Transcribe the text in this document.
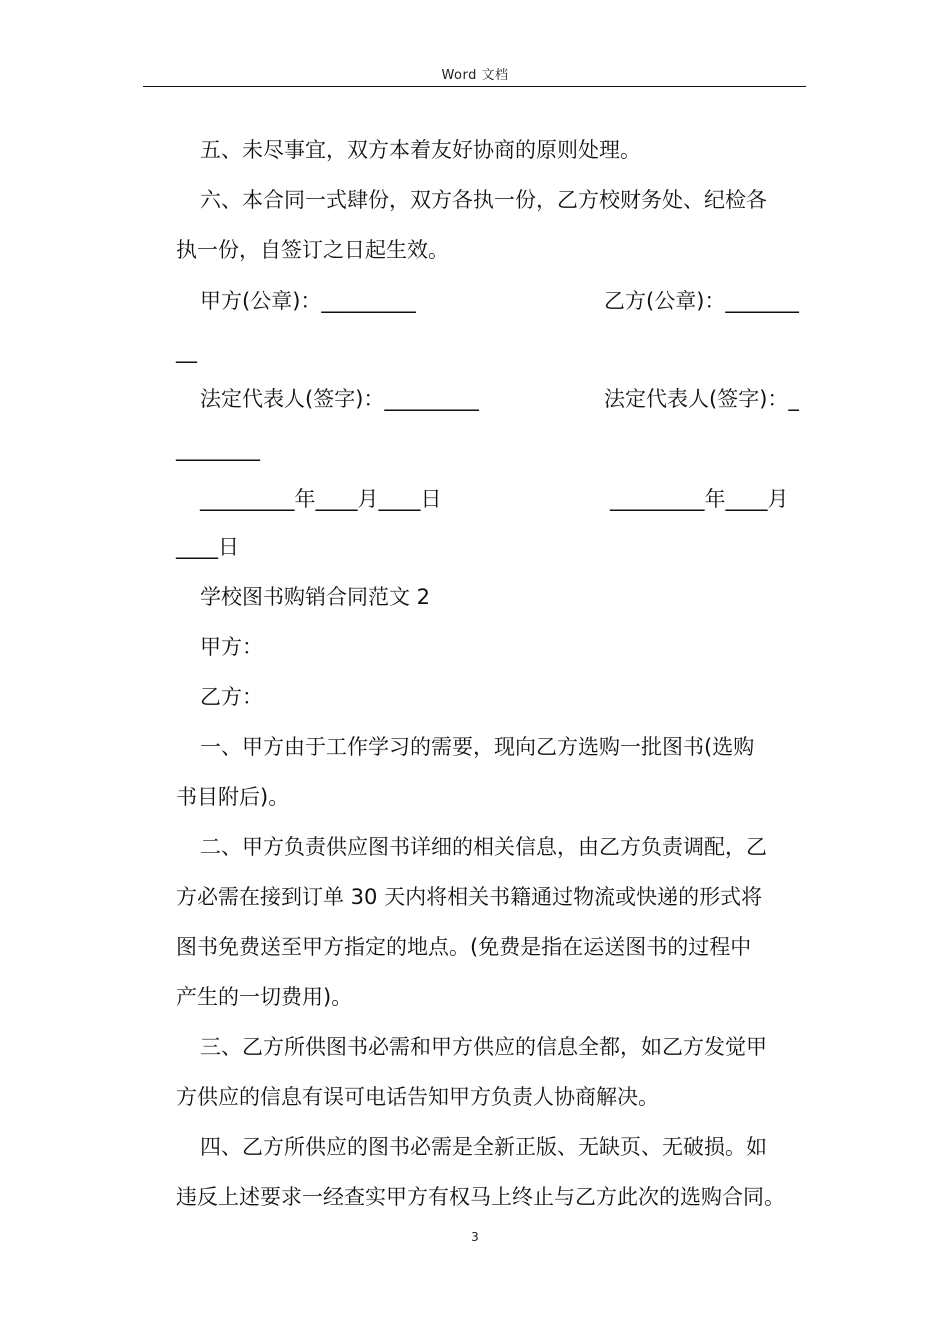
Word 文档
五、未尽事宜，双方本着友好协商的原则处理。
六、本合同一式肆份，双方各执一份，乙方校财务处、纪检各
执一份，自签订之日起生效。
甲方(公章)：_________	乙方(公章)：_______
__
法定代表人(签字)：_________	法定代表人(签字)：_
________
_________年____月____日	_________年____月
____日
学校图书购销合同范文 2
甲方：
乙方：
一、甲方由于工作学习的需要，现向乙方选购一批图书(选购
书目附后)。
二、甲方负责供应图书详细的相关信息，由乙方负责调配，乙
方必需在接到订单 30 天内将相关书籍通过物流或快递的形式将
图书免费送至甲方指定的地点。(免费是指在运送图书的过程中
产生的一切费用)。
三、乙方所供图书必需和甲方供应的信息全都，如乙方发觉甲
方供应的信息有误可电话告知甲方负责人协商解决。
四、乙方所供应的图书必需是全新正版、无缺页、无破损。如
违反上述要求一经查实甲方有权马上终止与乙方此次的选购合同。
3
